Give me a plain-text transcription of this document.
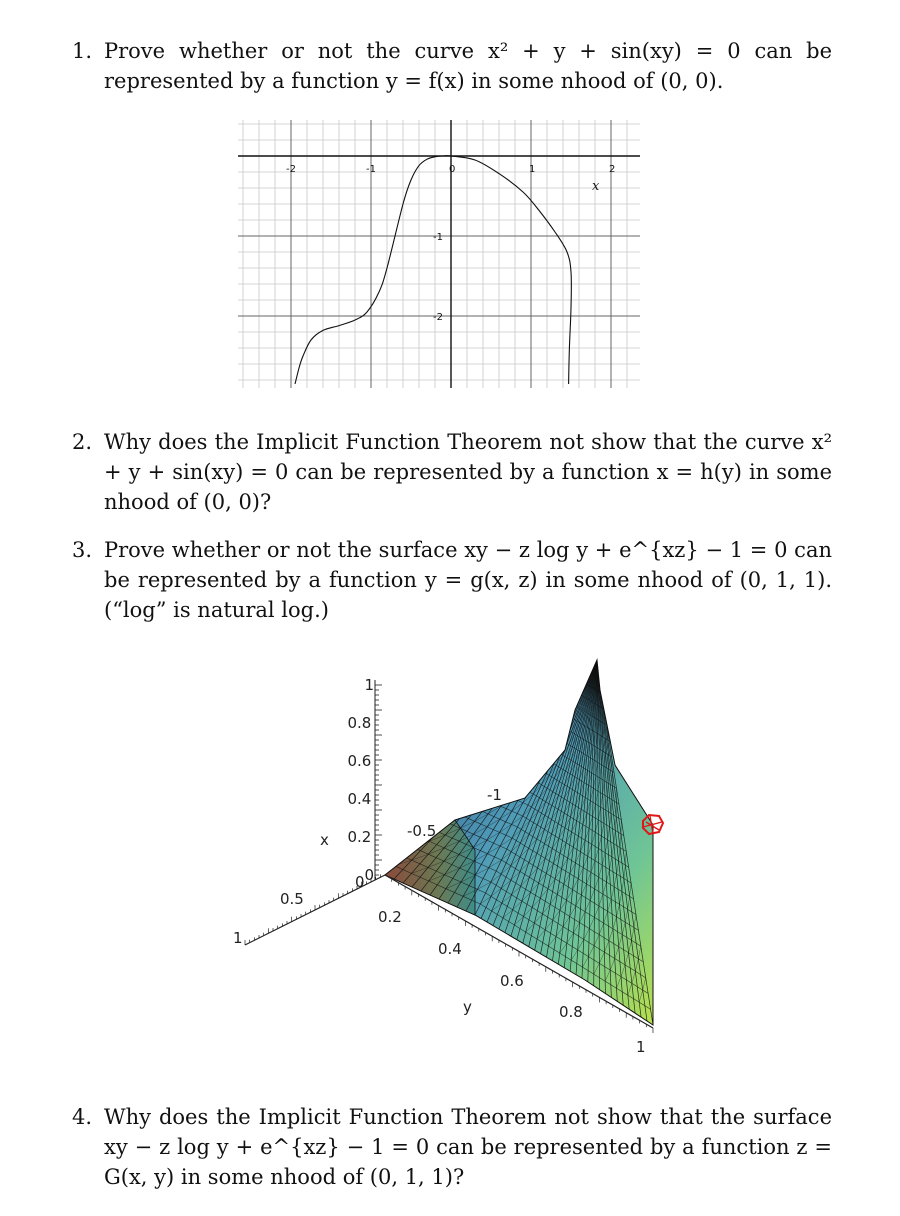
1. Prove whether or not the curve x² + y + sin(xy) = 0 can be represented by a function y = f(x) in some nhood of (0, 0).
-2	-1	0	1	2
-1
-2
x
2. Why does the Implicit Function Theorem not show that the curve x² + y + sin(xy) = 0 can be represented by a function x = h(y) in some nhood of (0, 0)?
3. Prove whether or not the surface xy − z log y + e^{xz} − 1 = 0 can be represented by a function y = g(x, z) in some nhood of (0, 1, 1). (“log” is natural log.)
1
0.8
0.6
0.4
0.2
0
x
0
0.5
1
0.2
0.4
0.6
0.8
1
y
-0.5
-1
4. Why does the Implicit Function Theorem not show that the surface xy − z log y + e^{xz} − 1 = 0 can be represented by a function z = G(x, y) in some nhood of (0, 1, 1)?
